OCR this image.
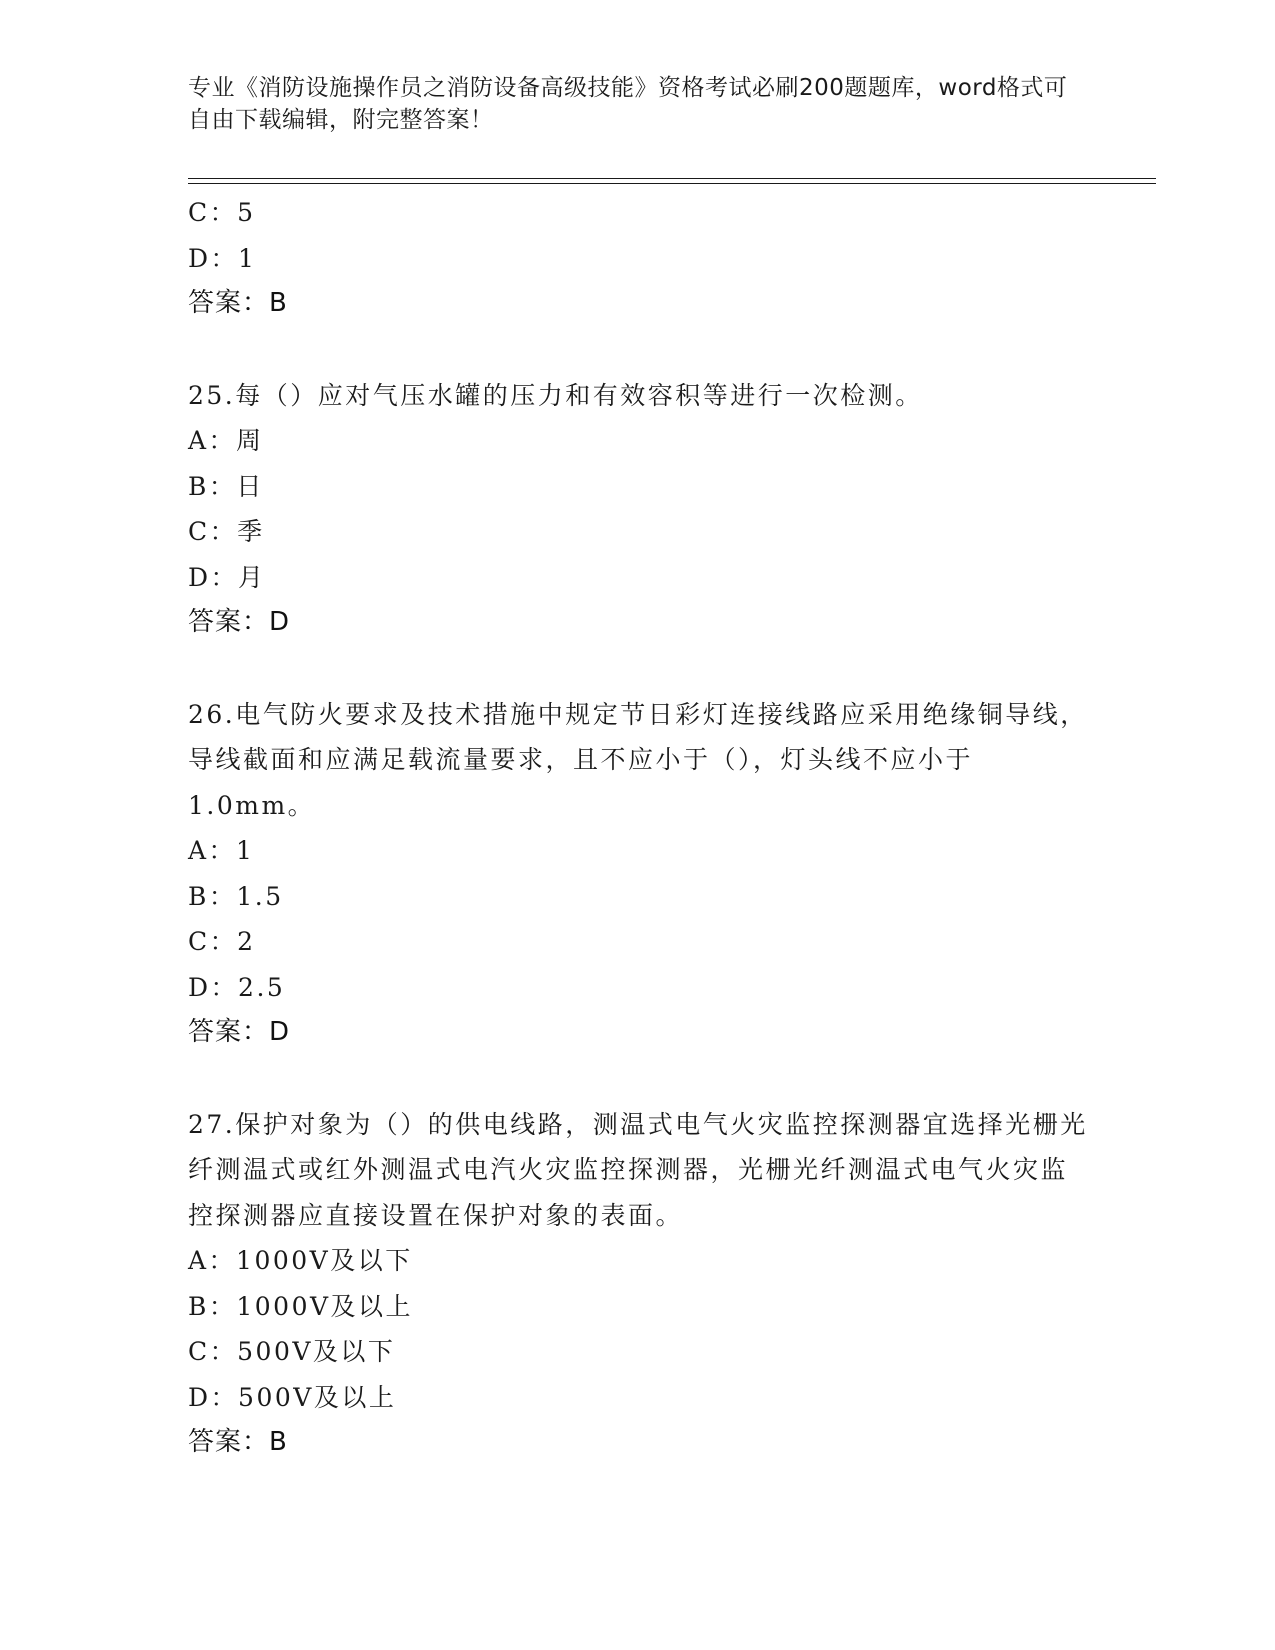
专业《消防设施操作员之消防设备高级技能》资格考试必刷200题题库，word格式可自由下载编辑，附完整答案！
C：5
D：1
答案：B
25.每（）应对气压水罐的压力和有效容积等进行一次检测。
A：周
B：日
C：季
D：月
答案：D
26.电气防火要求及技术措施中规定节日彩灯连接线路应采用绝缘铜导线，导线截面和应满足载流量要求，且不应小于（），灯头线不应小于1.0mm。
A：1
B：1.5
C：2
D：2.5
答案：D
27.保护对象为（）的供电线路，测温式电气火灾监控探测器宜选择光栅光纤测温式或红外测温式电汽火灾监控探测器，光栅光纤测温式电气火灾监控探测器应直接设置在保护对象的表面。
A：1000V及以下
B：1000V及以上
C：500V及以下
D：500V及以上
答案：B
